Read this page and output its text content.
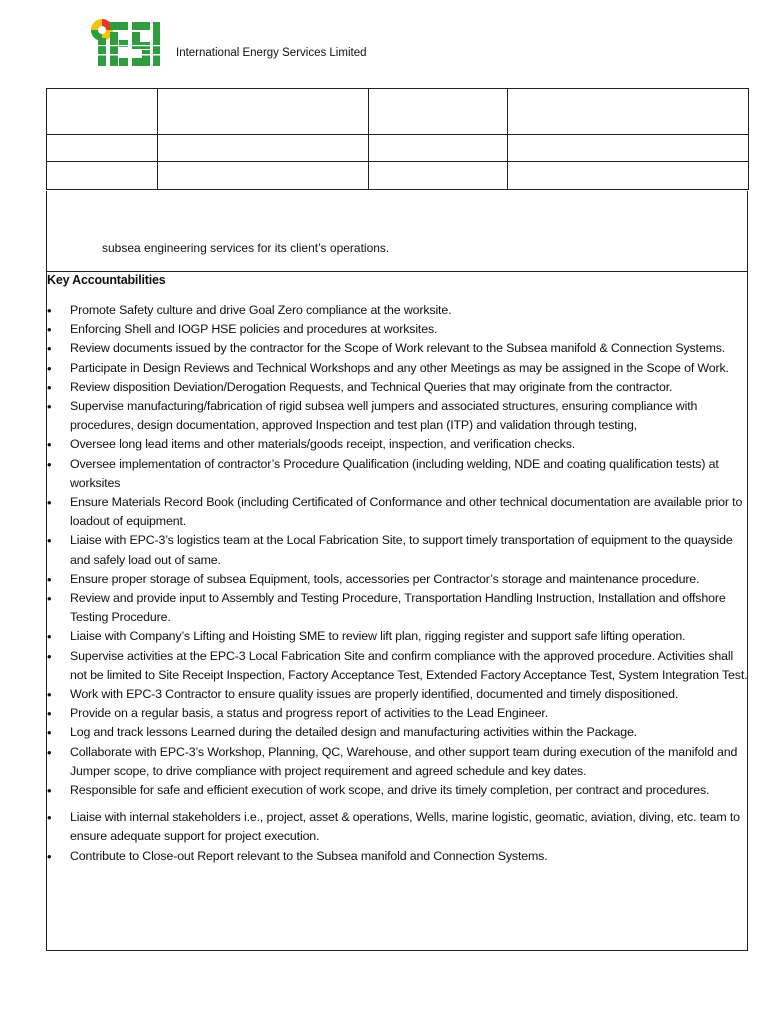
International Energy Services Limited

subsea engineering services for its client’s operations.
Key Accountabilities
• Promote Safety culture and drive Goal Zero compliance at the worksite.
• Enforcing Shell and IOGP HSE policies and procedures at worksites.
• Review documents issued by the contractor for the Scope of Work relevant to the Subsea manifold & Connection Systems.
• Participate in Design Reviews and Technical Workshops and any other Meetings as may be assigned in the Scope of Work.
• Review disposition Deviation/Derogation Requests, and Technical Queries that may originate from the contractor.
• Supervise manufacturing/fabrication of rigid subsea well jumpers and associated structures, ensuring compliance with procedures, design documentation, approved Inspection and test plan (ITP) and validation through testing,
• Oversee long lead items and other materials/goods receipt, inspection, and verification checks.
• Oversee implementation of contractor’s Procedure Qualification (including welding, NDE and coating qualification tests) at worksites
• Ensure Materials Record Book (including Certificated of Conformance and other technical documentation are available prior to loadout of equipment.
• Liaise with EPC-3’s logistics team at the Local Fabrication Site, to support timely transportation of equipment to the quayside and safely load out of same.
• Ensure proper storage of subsea Equipment, tools, accessories per Contractor’s storage and maintenance procedure.
• Review and provide input to Assembly and Testing Procedure, Transportation Handling Instruction, Installation and offshore Testing Procedure.
• Liaise with Company’s Lifting and Hoisting SME to review lift plan, rigging register and support safe lifting operation.
• Supervise activities at the EPC-3 Local Fabrication Site and confirm compliance with the approved procedure. Activities shall not be limited to Site Receipt Inspection, Factory Acceptance Test, Extended Factory Acceptance Test, System Integration Test.
• Work with EPC-3 Contractor to ensure quality issues are properly identified, documented and timely dispositioned.
• Provide on a regular basis, a status and progress report of activities to the Lead Engineer.
• Log and track lessons Learned during the detailed design and manufacturing activities within the Package.
• Collaborate with EPC-3’s Workshop, Planning, QC, Warehouse, and other support team during execution of the manifold and Jumper scope, to drive compliance with project requirement and agreed schedule and key dates.
• Responsible for safe and efficient execution of work scope, and drive its timely completion, per contract and procedures.
• Liaise with internal stakeholders i.e., project, asset & operations, Wells, marine logistic, geomatic, aviation, diving, etc. team to ensure adequate support for project execution.
• Contribute to Close-out Report relevant to the Subsea manifold and Connection Systems.
